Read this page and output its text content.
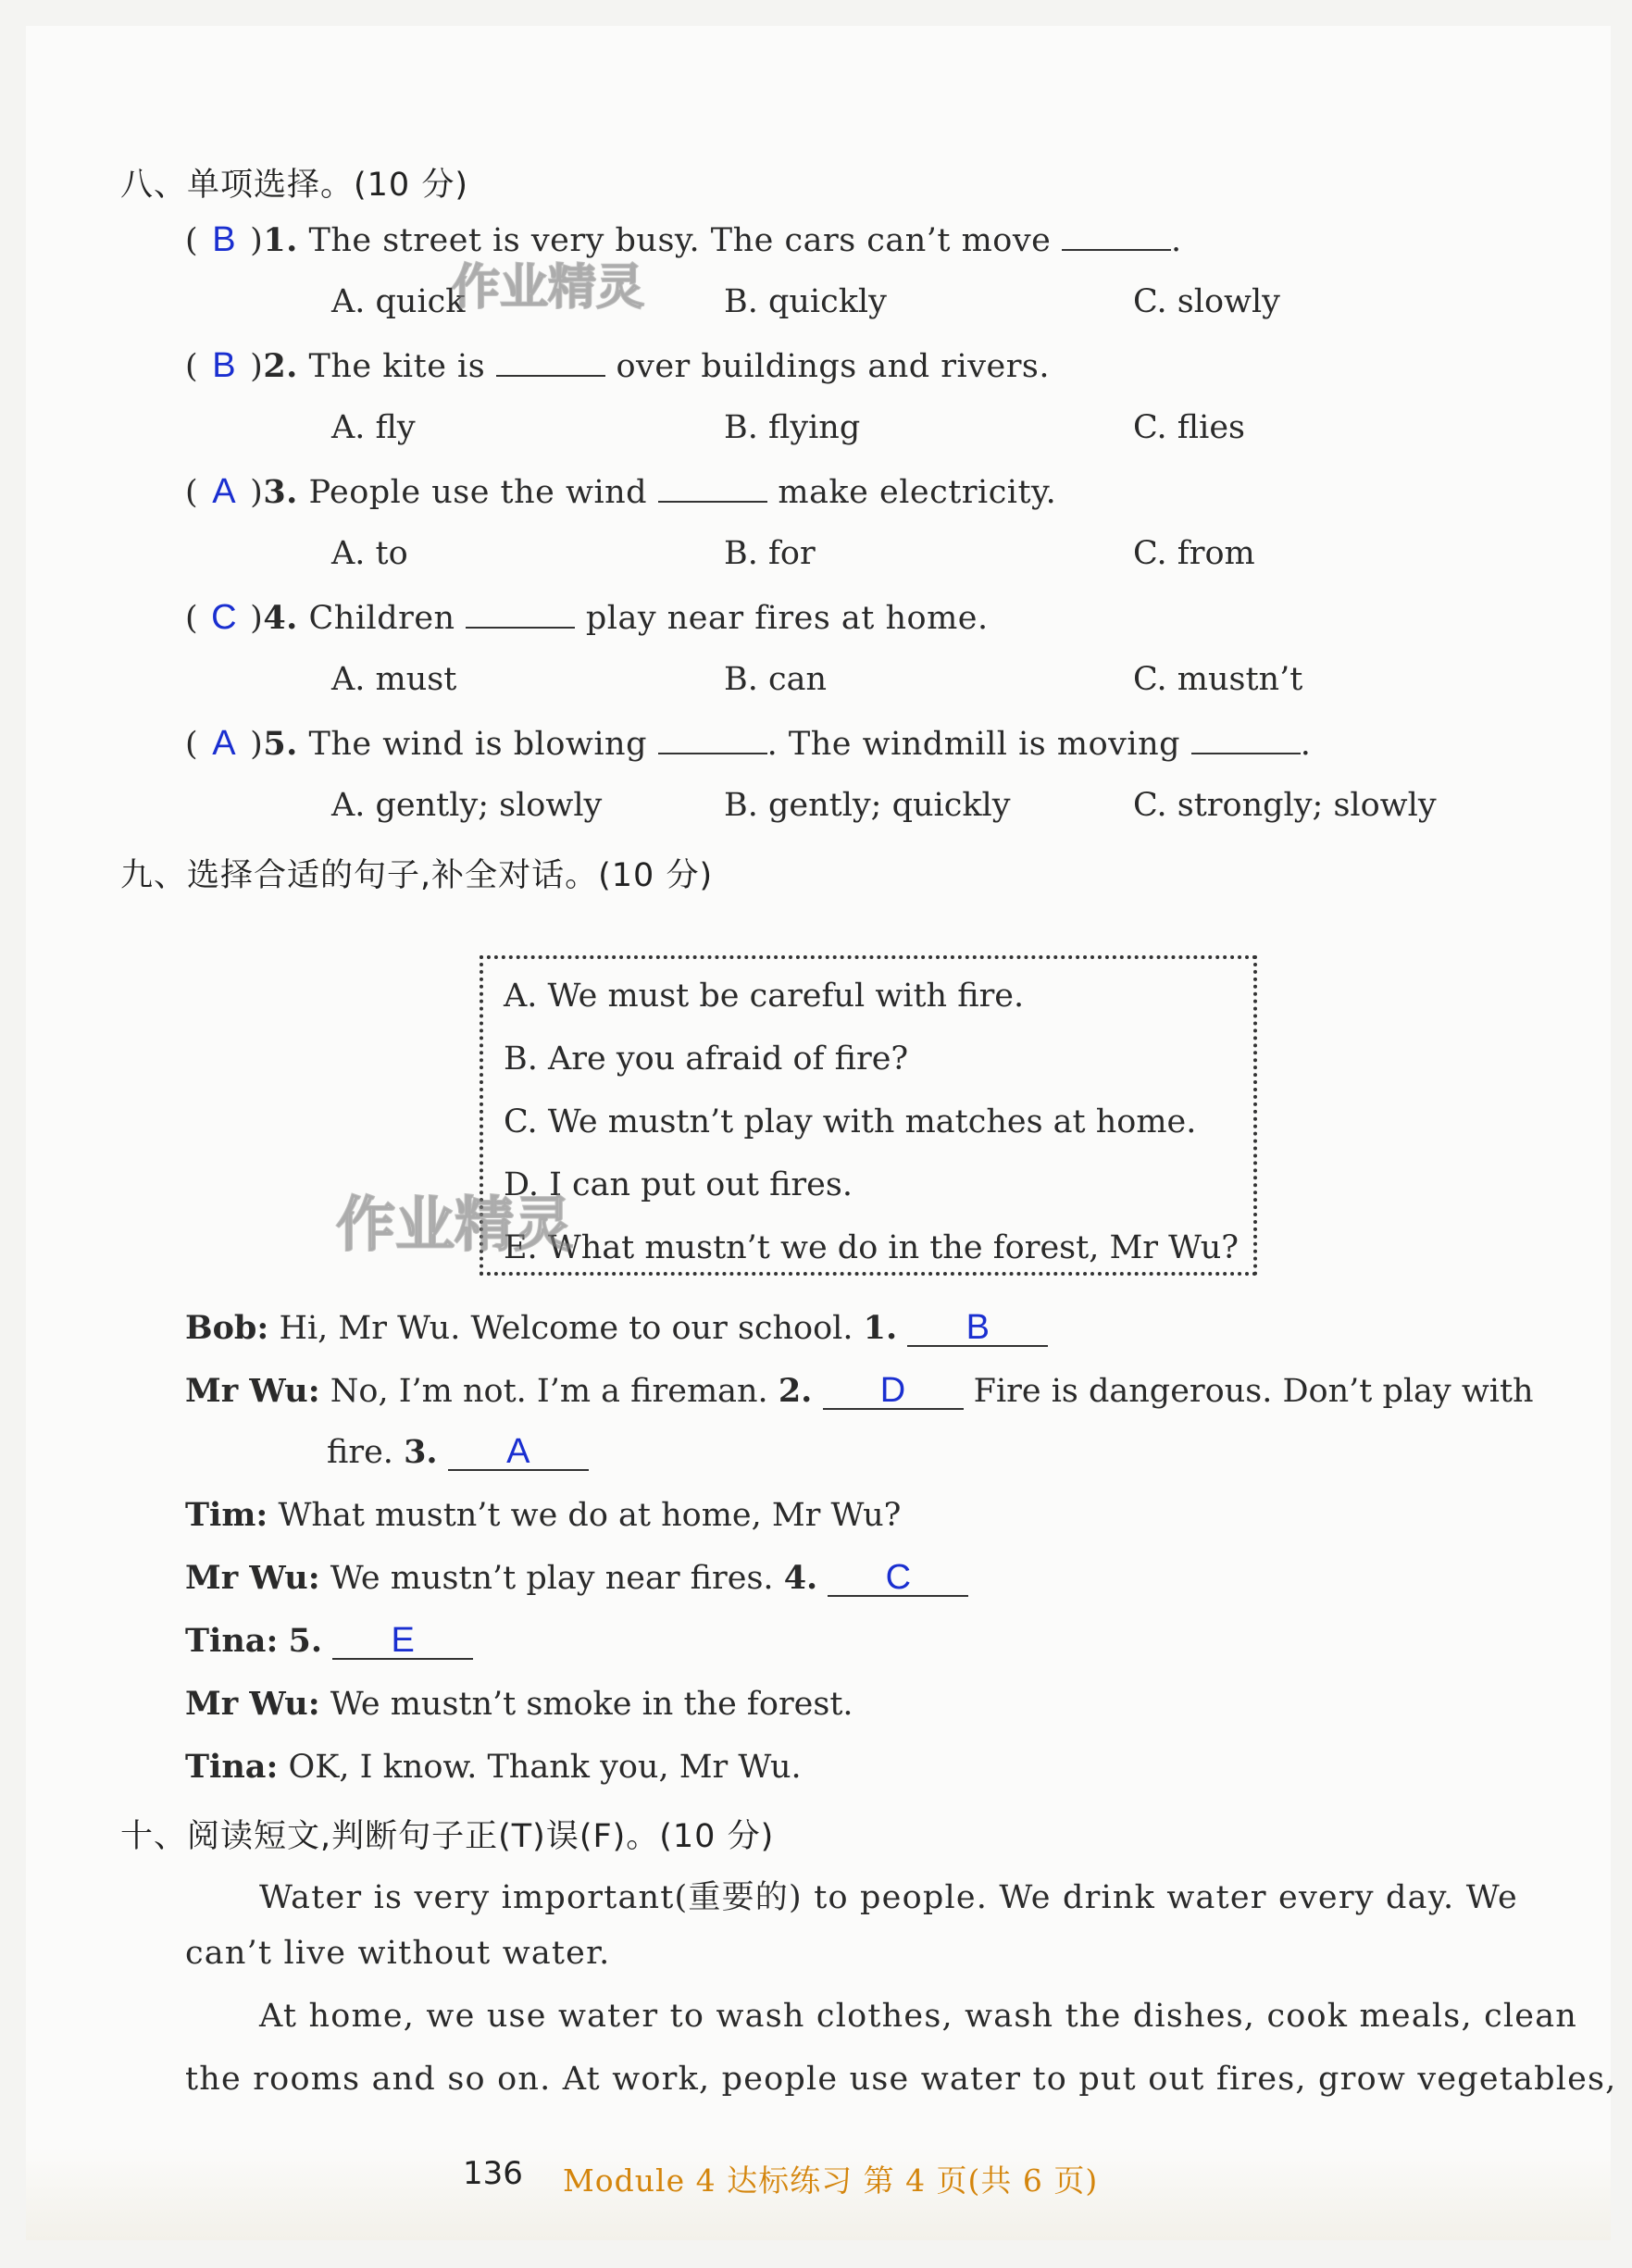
八、单项选择。(10 分)
( B )1. The street is very busy. The cars can’t move	.
A. quick	B. quickly	C. slowly
( B )2. The kite is	over buildings and rivers.
A. fly	B. flying	C. flies
( A )3. People use the wind	make electricity.
A. to	B. for	C. from
( C )4. Children	play near fires at home.
A. must	B. can	C. mustn’t
( A )5. The wind is blowing	. The windmill is moving	.
A. gently; slowly	B. gently; quickly	C. strongly; slowly
九、选择合适的句子,补全对话。(10 分)
A. We must be careful with fire.
B. Are you afraid of fire?
C. We mustn’t play with matches at home.
D. I can put out fires.
E. What mustn’t we do in the forest, Mr Wu?
Bob: Hi, Mr Wu. Welcome to our school. 1. B
Mr Wu: No, I’m not. I’m a fireman. 2. D Fire is dangerous. Don’t play with
fire. 3. A
Tim: What mustn’t we do at home, Mr Wu?
Mr Wu: We mustn’t play near fires. 4. C
Tina: 5. E
Mr Wu: We mustn’t smoke in the forest.
Tina: OK, I know. Thank you, Mr Wu.
十、阅读短文,判断句子正(T)误(F)。(10 分)
Water is very important(重要的) to people. We drink water every day. We
can’t live without water.
At home, we use water to wash clothes, wash the dishes, cook meals, clean
the rooms and so on. At work, people use water to put out fires, grow vegetables,
作业精灵
作业精灵
136 Module 4 达标练习 第 4 页(共 6 页)
